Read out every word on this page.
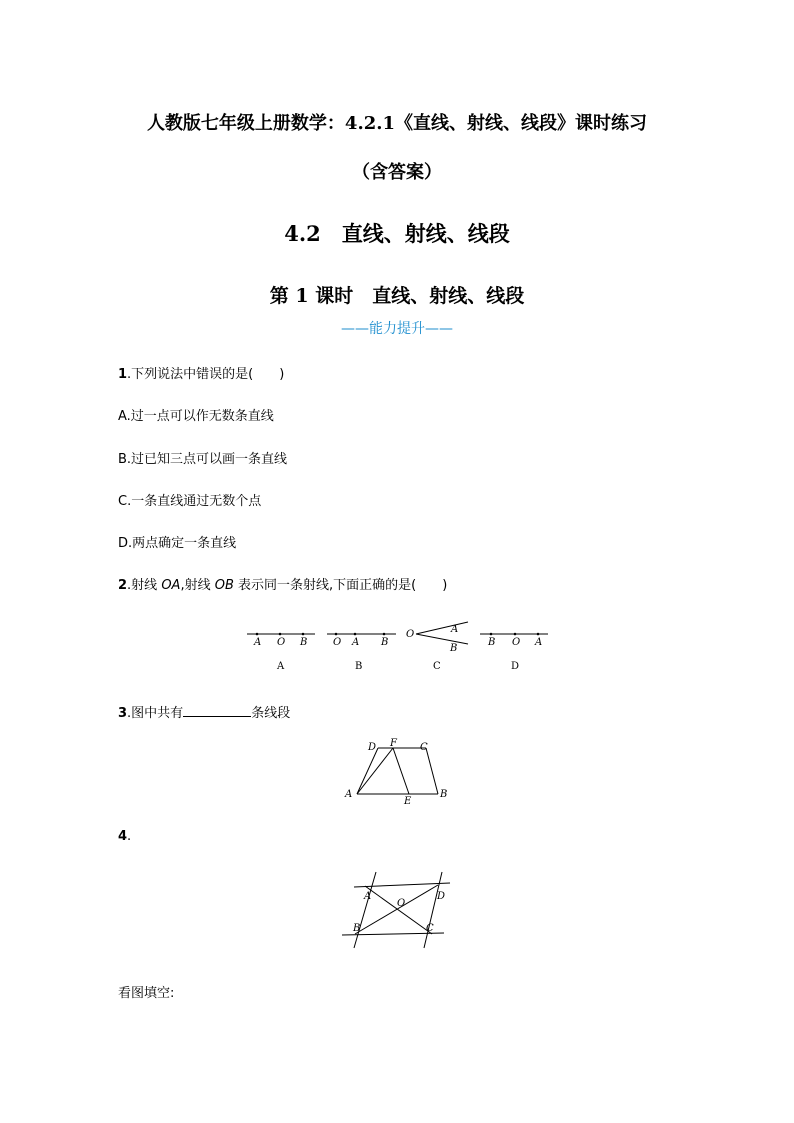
人教版七年级上册数学：4.2.1《直线、射线、线段》课时练习
（含答案）
4.2　直线、射线、线段
第 1 课时　直线、射线、线段
——能力提升——
1.下列说法中错误的是(　　)
A.过一点可以作无数条直线
B.过已知三点可以画一条直线
C.一条直线通过无数个点
D.两点确定一条直线
2.射线 OA,射线 OB 表示同一条射线,下面正确的是(　　)
A O B
A
O A B
B
O	A
B
C
B O A
D
3.图中共有	条线段
D F C
A
E
B
4.
A	D
O
B	C
看图填空:
